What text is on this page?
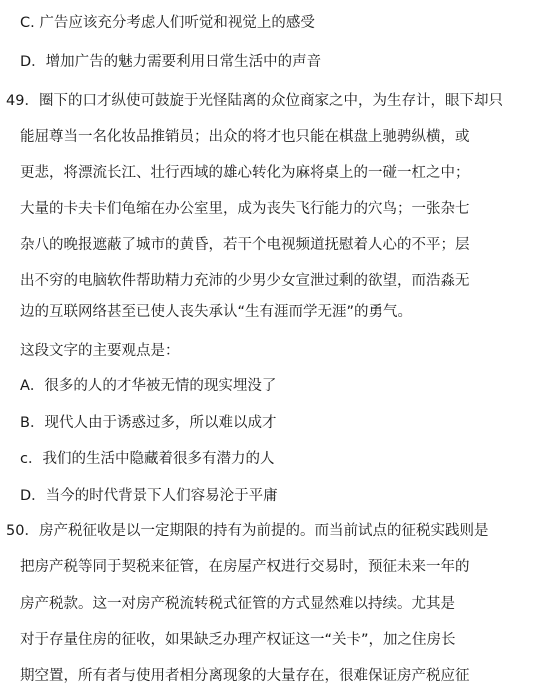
C. 广告应该充分考虑人们听觉和视觉上的感受
D．增加广告的魅力需要利用日常生活中的声音
49．圈下的口才纵使可鼓旋于光怪陆离的众位商家之中，为生存计，眼下却只
能屈尊当一名化妆品推销员；出众的将才也只能在棋盘上驰骋纵横，或
更悲，将漂流长江、壮行西域的雄心转化为麻将桌上的一碰一杠之中；
大量的卡夫卡们龟缩在办公室里，成为丧失飞行能力的穴鸟；一张杂七
杂八的晚报遮蔽了城市的黄昏，若干个电视频道抚慰着人心的不平；层
出不穷的电脑软件帮助精力充沛的少男少女宣泄过剩的欲望，而浩淼无
边的互联网络甚至已使人丧失承认“生有涯而学无涯”的勇气。
这段文字的主要观点是：
A．很多的人的才华被无情的现实埋没了
B．现代人由于诱惑过多，所以难以成才
c．我们的生活中隐藏着很多有潜力的人
D．当今的时代背景下人们容易沦于平庸
50．房产税征收是以一定期限的持有为前提的。而当前试点的征税实践则是
把房产税等同于契税来征管，在房屋产权进行交易时，预征未来一年的
房产税款。这一对房产税流转税式征管的方式显然难以持续。尤其是
对于存量住房的征收，如果缺乏办理产权证这一“关卡”，加之住房长
期空置，所有者与使用者相分离现象的大量存在，很难保证房产税应征
